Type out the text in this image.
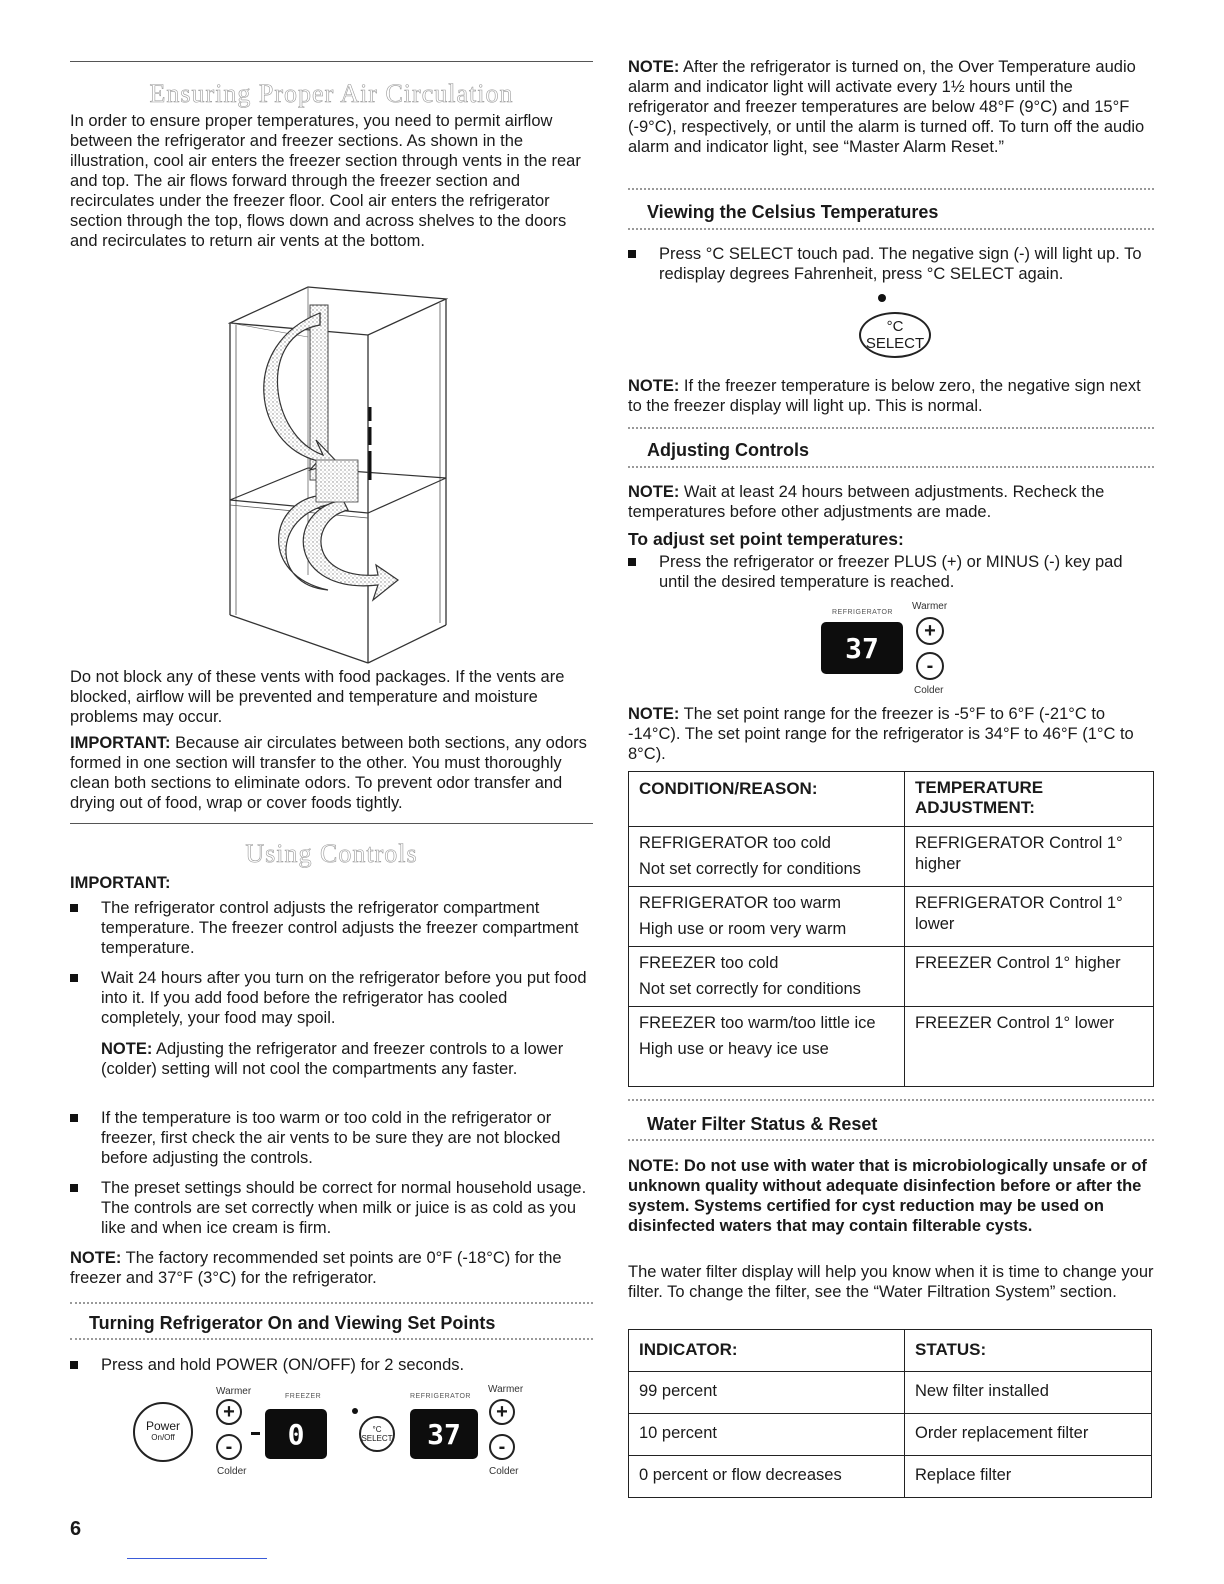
Ensuring Proper Air Circulation

In order to ensure proper temperatures, you need to permit airflow between the refrigerator and freezer sections. As shown in the illustration, cool air enters the freezer section through vents in the rear and top. The air flows forward through the freezer section and recirculates under the freezer floor. Cool air enters the refrigerator section through the top, flows down and across shelves to the doors and recirculates to return air vents at the bottom.

Do not block any of these vents with food packages. If the vents are blocked, airflow will be prevented and temperature and moisture problems may occur.

IMPORTANT: Because air circulates between both sections, any odors formed in one section will transfer to the other. You must thoroughly clean both sections to eliminate odors. To prevent odor transfer and drying out of food, wrap or cover foods tightly.

Using Controls
IMPORTANT:
The refrigerator control adjusts the refrigerator compartment temperature. The freezer control adjusts the freezer compartment temperature.
Wait 24 hours after you turn on the refrigerator before you put food into it. If you add food before the refrigerator has cooled completely, your food may spoil.

NOTE: Adjusting the refrigerator and freezer controls to a lower (colder) setting will not cool the compartments any faster.

If the temperature is too warm or too cold in the refrigerator or freezer, first check the air vents to be sure they are not blocked before adjusting the controls.
The preset settings should be correct for normal household usage. The controls are set correctly when milk or juice is as cold as you like and when ice cream is firm.

NOTE: The factory recommended set points are 0°F (-18°C) for the freezer and 37°F (3°C) for the refrigerator.

Turning Refrigerator On and Viewing Set Points
Press and hold POWER (ON/OFF) for 2 seconds.
Power
On/Off
Warmer
+
-
Colder
FREEZER
0	°C
SELECT
REFRIGERATOR
37
Warmer
+
-
Colder
6

NOTE: After the refrigerator is turned on, the Over Temperature audio alarm and indicator light will activate every 1½ hours until the refrigerator and freezer temperatures are below 48°F (9°C) and 15°F (-9°C), respectively, or until the alarm is turned off. To turn off the audio alarm and indicator light, see “Master Alarm Reset.”

Viewing the Celsius Temperatures
Press °C SELECT touch pad. The negative sign (-) will light up. To redisplay degrees Fahrenheit, press °C SELECT again.
°C
SELECT

NOTE: If the freezer temperature is below zero, the negative sign next to the freezer display will light up. This is normal.

Adjusting Controls

NOTE: Wait at least 24 hours between adjustments. Recheck the temperatures before other adjustments are made.

To adjust set point temperatures:
Press the refrigerator or freezer PLUS (+) or MINUS (-) key pad until the desired temperature is reached.
REFRIGERATOR
Warmer
37
+
-
Colder

NOTE: The set point range for the freezer is -5°F to 6°F (-21°C to -14°C). The set point range for the refrigerator is 34°F to 46°F (1°C to 8°C).

CONDITION/REASON:	TEMPERATURE
ADJUSTMENT:

REFRIGERATOR too cold
Not set correctly for conditions	REFRIGERATOR Control 1° higher

REFRIGERATOR too warm
High use or room very warm	REFRIGERATOR Control 1° lower

FREEZER too cold
Not set correctly for conditions	FREEZER Control 1° higher

FREEZER too warm/too little ice
High use or heavy ice use	FREEZER Control 1° lower
Water Filter Status & Reset

NOTE: Do not use with water that is microbiologically unsafe or of unknown quality without adequate disinfection before or after the system. Systems certified for cyst reduction may be used on disinfected waters that may contain filterable cysts.

The water filter display will help you know when it is time to change your filter. To change the filter, see the “Water Filtration System” section.

INDICATOR:	STATUS:
99 percent	New filter installed
10 percent	Order replacement filter
0 percent or flow decreases	Replace filter
